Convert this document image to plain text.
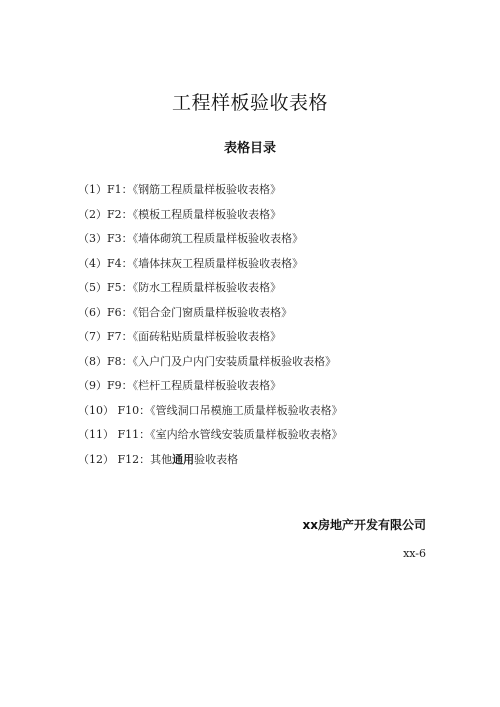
工程样板验收表格
表格目录
（1）F1：《钢筋工程质量样板验收表格》
（2）F2：《模板工程质量样板验收表格》
（3）F3：《墙体砌筑工程质量样板验收表格》
（4）F4：《墙体抹灰工程质量样板验收表格》
（5）F5：《防水工程质量样板验收表格》
（6）F6：《铝合金门窗质量样板验收表格》
（7）F7：《面砖粘贴质量样板验收表格》
（8）F8：《入户门及户内门安装质量样板验收表格》
（9）F9：《栏杆工程质量样板验收表格》
（10） F10：《管线洞口吊模施工质量样板验收表格》
（11） F11：《室内给水管线安装质量样板验收表格》
（12） F12：其他通用验收表格
xx房地产开发有限公司
xx-6
